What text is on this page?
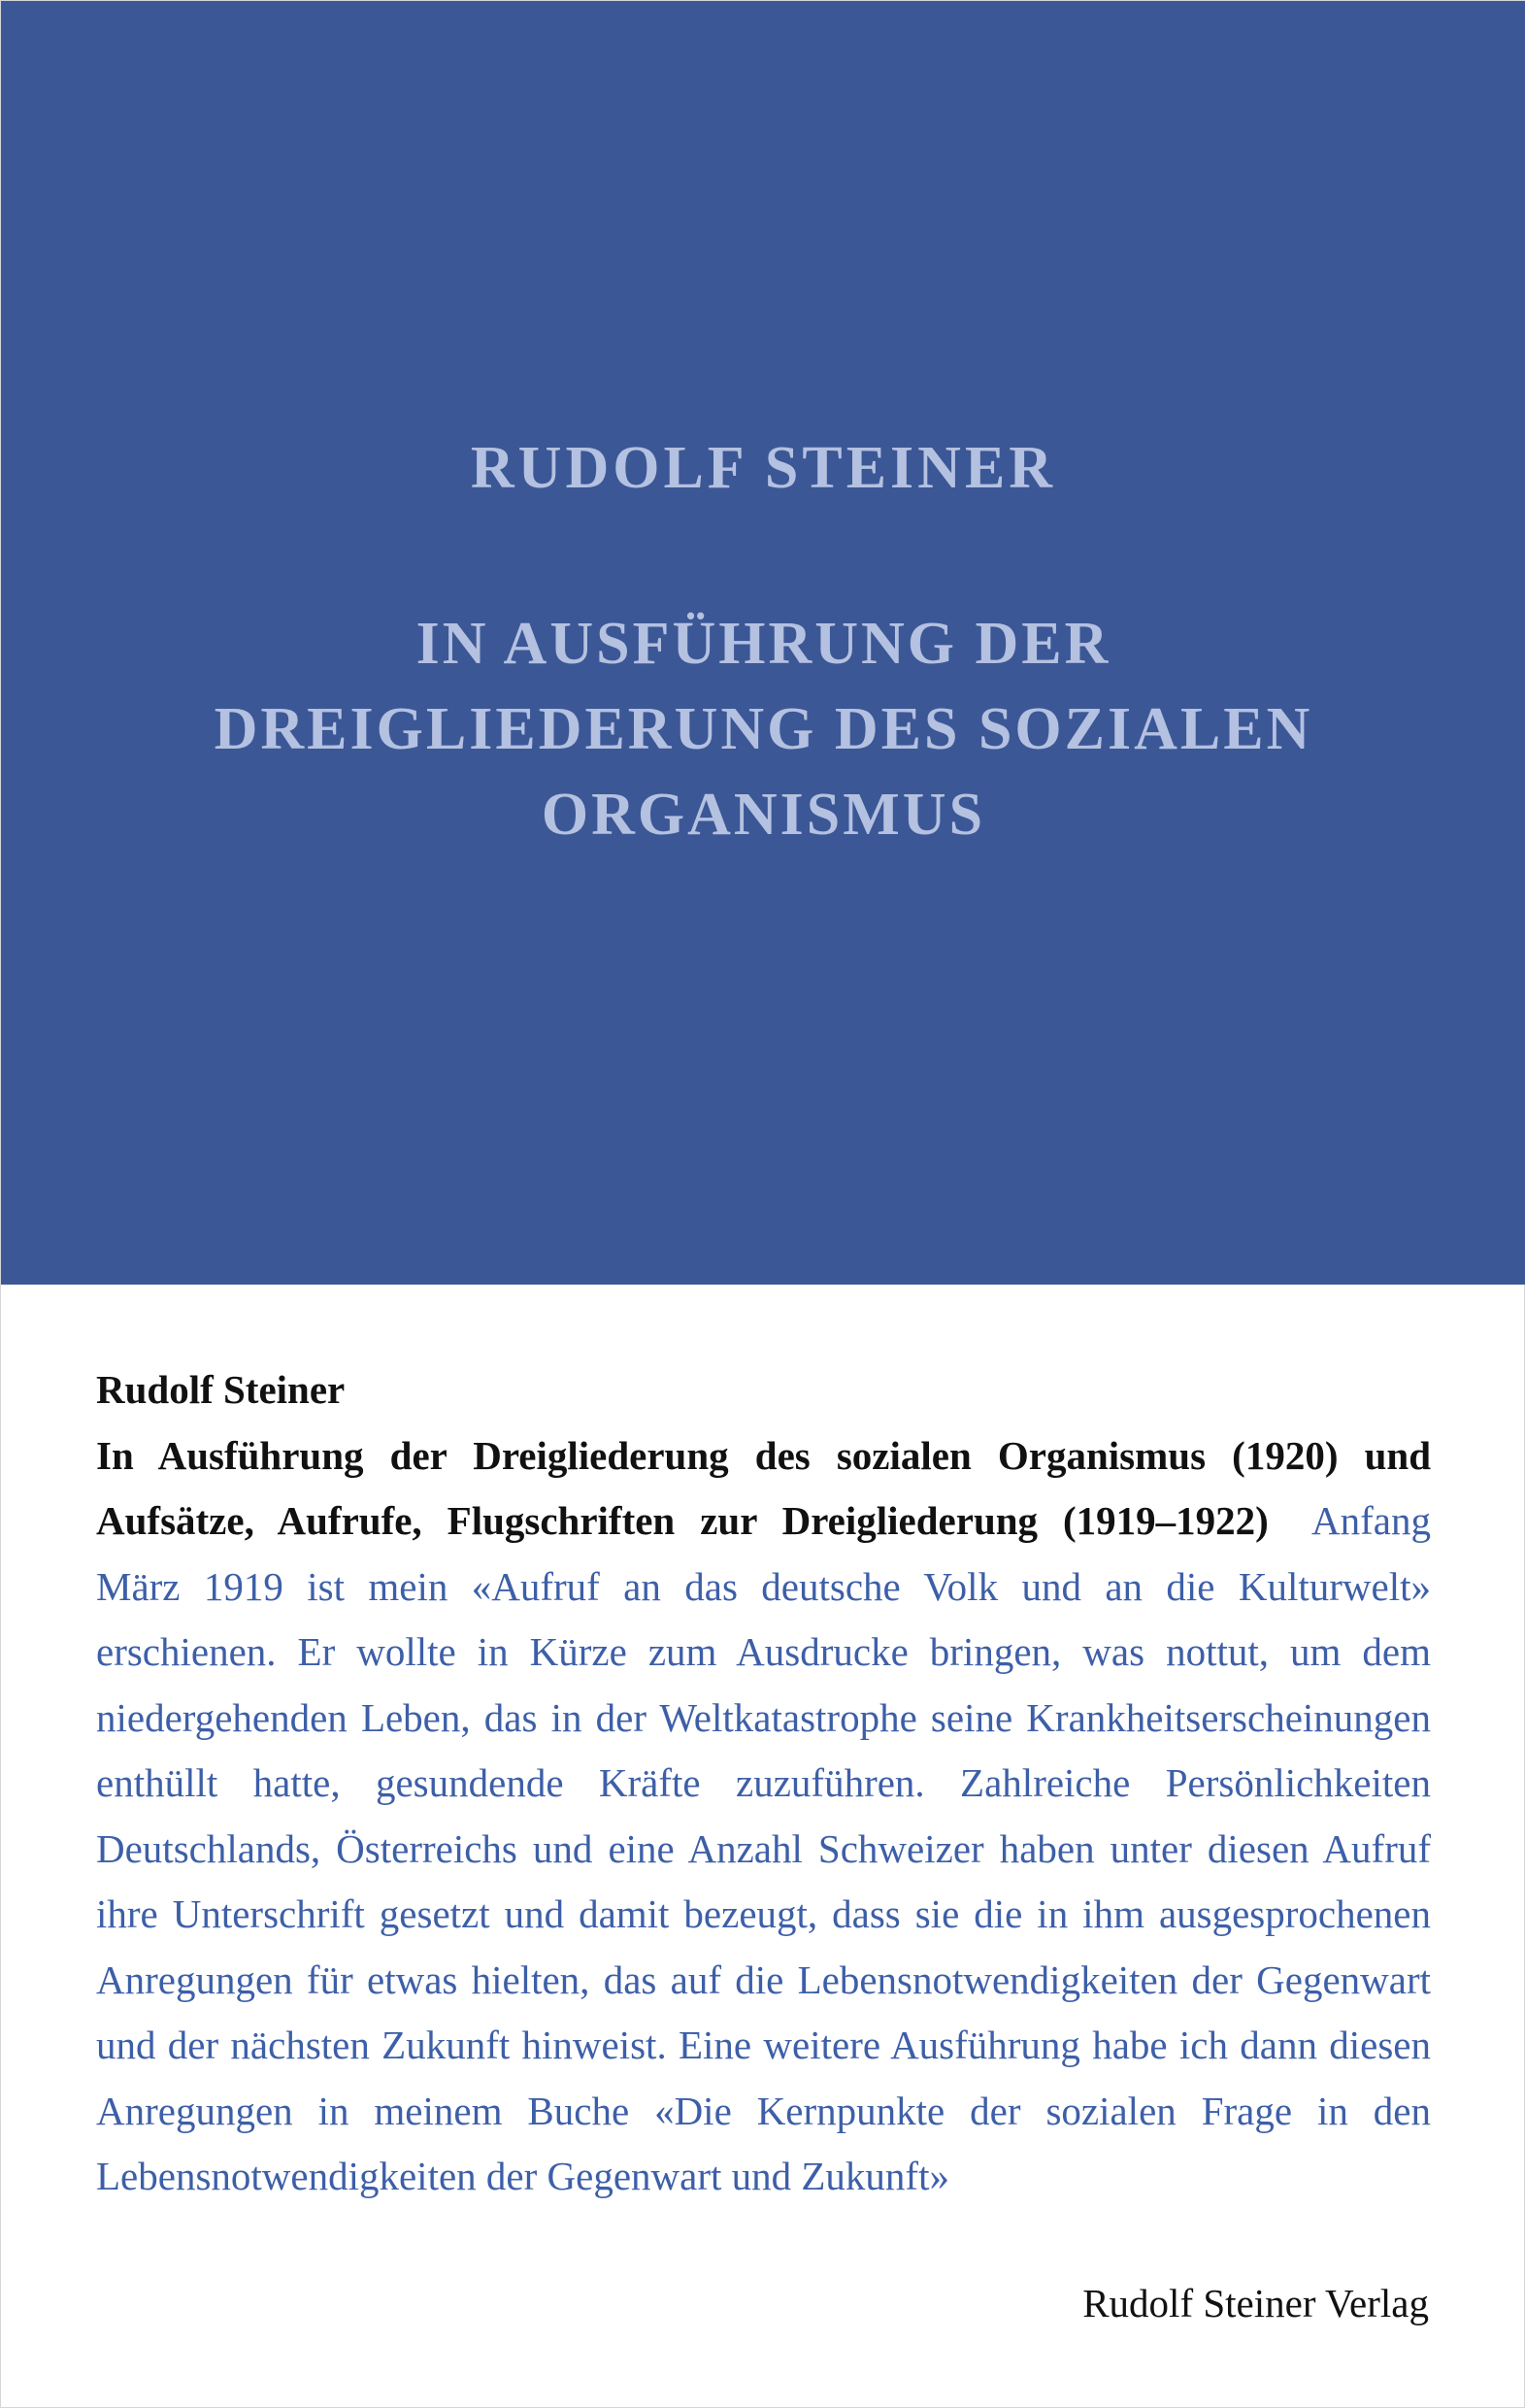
RUDOLF STEINER
IN AUSFÜHRUNG DER
DREIGLIEDERUNG DES SOZIALEN
ORGANISMUS
Rudolf Steiner
In Ausführung der Dreigliederung des sozialen Organismus (1920) und Aufsätze, Aufrufe, Flugschriften zur Dreigliederung (1919–1922)  Anfang März 1919 ist mein «Aufruf an das deutsche Volk und an die Kulturwelt» erschienen. Er wollte in Kürze zum Ausdrucke bringen, was nottut, um dem niedergehenden Leben, das in der Weltkatastrophe seine Krankheitserscheinungen enthüllt hatte, gesundende Kräfte zuzuführen. Zahlreiche Persönlichkeiten Deutschlands, Österreichs und eine Anzahl Schweizer haben unter diesen Aufruf ihre Unterschrift gesetzt und damit bezeugt, dass sie die in ihm ausgesprochenen Anregungen für etwas hielten, das auf die Lebensnotwendigkeiten der Gegenwart und der nächsten Zukunft hinweist. Eine weitere Ausführung habe ich dann diesen Anregungen in meinem Buche «Die Kernpunkte der sozialen Frage in den Lebensnotwendigkeiten der Gegenwart und Zukunft»
Rudolf Steiner Verlag
